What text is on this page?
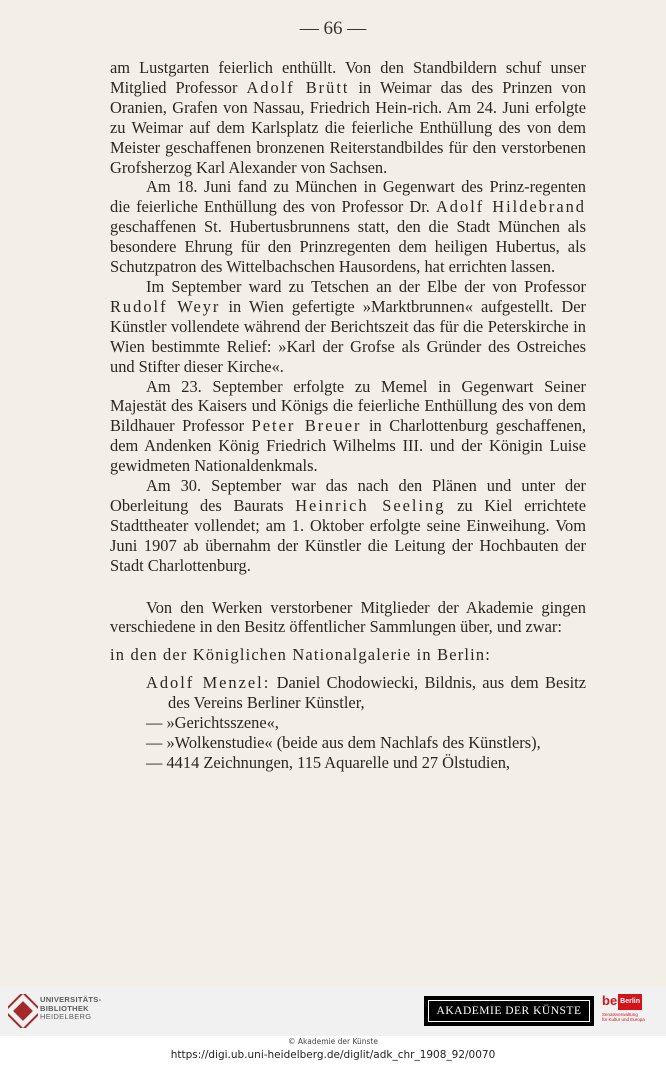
— 66 —

am Lustgarten feierlich enthüllt. Von den Standbildern schuf unser Mitglied Professor Adolf Brütt in Weimar das des Prinzen von Oranien, Grafen von Nassau, Friedrich Hein-rich. Am 24. Juni erfolgte zu Weimar auf dem Karlsplatz die feierliche Enthüllung des von dem Meister geschaffenen bronzenen Reiterstandbildes für den verstorbenen Grofsherzog Karl Alexander von Sachsen.

Am 18. Juni fand zu München in Gegenwart des Prinz-regenten die feierliche Enthüllung des von Professor Dr. Adolf Hildebrand geschaffenen St. Hubertusbrunnens statt, den die Stadt München als besondere Ehrung für den Prinzregenten dem heiligen Hubertus, als Schutzpatron des Wittelbachschen Hausordens, hat errichten lassen.

Im September ward zu Tetschen an der Elbe der von Professor Rudolf Weyr in Wien gefertigte »Marktbrunnen« aufgestellt. Der Künstler vollendete während der Berichtszeit das für die Peterskirche in Wien bestimmte Relief: »Karl der Grofse als Gründer des Ostreiches und Stifter dieser Kirche«.

Am 23. September erfolgte zu Memel in Gegenwart Seiner Majestät des Kaisers und Königs die feierliche Enthüllung des von dem Bildhauer Professor Peter Breuer in Charlottenburg geschaffenen, dem Andenken König Friedrich Wilhelms III. und der Königin Luise gewidmeten Nationaldenkmals.

Am 30. September war das nach den Plänen und unter der Oberleitung des Baurats Heinrich Seeling zu Kiel errichtete Stadttheater vollendet; am 1. Oktober erfolgte seine Einweihung. Vom Juni 1907 ab übernahm der Künstler die Leitung der Hochbauten der Stadt Charlottenburg.

Von den Werken verstorbener Mitglieder der Akademie gingen verschiedene in den Besitz öffentlicher Sammlungen über, und zwar:

in den der Königlichen Nationalgalerie in Berlin:

Adolf Menzel: Daniel Chodowiecki, Bildnis, aus dem Besitz des Vereins Berliner Künstler,

— »Gerichtsszene«,

— »Wolkenstudie« (beide aus dem Nachlafs des Künstlers),

— 4414 Zeichnungen, 115 Aquarelle und 27 Ölstudien,

UNIVERSITÄTS-
BIBLIOTHEK
HEIDELBERG	AKADEMIE DER KÜNSTE
be Berlin
Senatsverwaltung
für Kultur und Europa
© Akademie der Künste
https://digi.ub.uni-heidelberg.de/diglit/adk_chr_1908_92/0070
